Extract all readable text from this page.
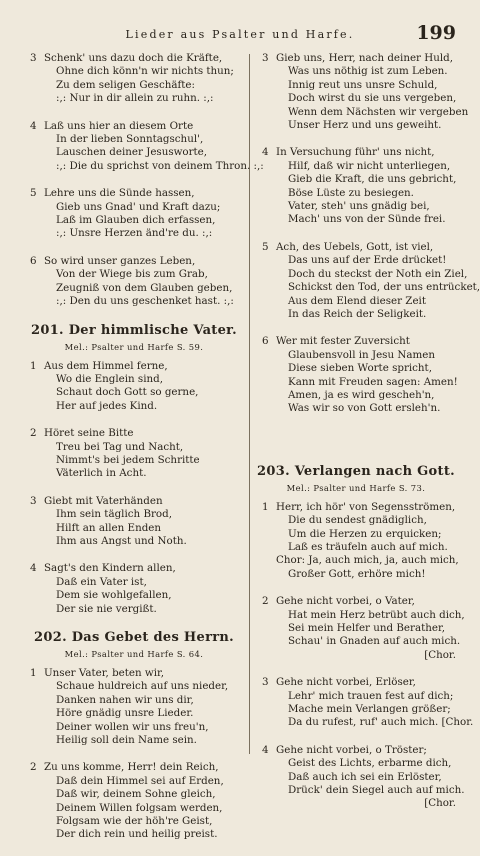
Lieder aus Psalter und Harfe.	199
3 Schenk' uns dazu doch die Kräfte,
Ohne dich könn'n wir nichts thun;
Zu dem seligen Geschäfte:
:,: Nur in dir allein zu ruhn. :,:
4 Laß uns hier an diesem Orte
In der lieben Sonntagschul',
Lauschen deiner Jesusworte,
:,: Die du sprichst von deinem Thron. :,:
5 Lehre uns die Sünde hassen,
Gieb uns Gnad' und Kraft dazu;
Laß im Glauben dich erfassen,
:,: Unsre Herzen änd're du. :,:
6 So wird unser ganzes Leben,
Von der Wiege bis zum Grab,
Zeugniß von dem Glauben geben,
:,: Den du uns geschenket hast. :,:
201. Der himmlische Vater.
Mel.: Psalter und Harfe S. 59.
1 Aus dem Himmel ferne,
Wo die Englein sind,
Schaut doch Gott so gerne,
Her auf jedes Kind.
2 Höret seine Bitte
Treu bei Tag und Nacht,
Nimmt's bei jedem Schritte
Väterlich in Acht.
3 Giebt mit Vaterhänden
Ihm sein täglich Brod,
Hilft an allen Enden
Ihm aus Angst und Noth.
4 Sagt's den Kindern allen,
Daß ein Vater ist,
Dem sie wohlgefallen,
Der sie nie vergißt.
202. Das Gebet des Herrn.
Mel.: Psalter und Harfe S. 64.
1 Unser Vater, beten wir,
Schaue huldreich auf uns nieder,
Danken nahen wir uns dir,
Höre gnädig unsre Lieder.
Deiner wollen wir uns freu'n,
Heilig soll dein Name sein.
2 Zu uns komme, Herr! dein Reich,
Daß dein Himmel sei auf Erden,
Daß wir, deinem Sohne gleich,
Deinem Willen folgsam werden,
Folgsam wie der höh're Geist,
Der dich rein und heilig preist.
3 Gieb uns, Herr, nach deiner Huld,
Was uns nöthig ist zum Leben.
Innig reut uns unsre Schuld,
Doch wirst du sie uns vergeben,
Wenn dem Nächsten wir vergeben
Unser Herz und uns geweiht.
4 In Versuchung führ' uns nicht,
Hilf, daß wir nicht unterliegen,
Gieb die Kraft, die uns gebricht,
Böse Lüste zu besiegen.
Vater, steh' uns gnädig bei,
Mach' uns von der Sünde frei.
5 Ach, des Uebels, Gott, ist viel,
Das uns auf der Erde drücket!
Doch du steckst der Noth ein Ziel,
Schickst den Tod, der uns entrücket,
Aus dem Elend dieser Zeit
In das Reich der Seligkeit.
6 Wer mit fester Zuversicht
Glaubensvoll in Jesu Namen
Diese sieben Worte spricht,
Kann mit Freuden sagen: Amen!
Amen, ja es wird gescheh'n,
Was wir so von Gott ersleh'n.
203. Verlangen nach Gott.
Mel.: Psalter und Harfe S. 73.
1 Herr, ich hör' von Segensströmen,
Die du sendest gnädiglich,
Um die Herzen zu erquicken;
Laß es träufeln auch auf mich.
Chor: Ja, auch mich, ja, auch mich,
Großer Gott, erhöre mich!
2 Gehe nicht vorbei, o Vater,
Hat mein Herz betrübt auch dich,
Sei mein Helfer und Berather,
Schau' in Gnaden auf auch mich.
[Chor.
3 Gehe nicht vorbei, Erlöser,
Lehr' mich trauen fest auf dich;
Mache mein Verlangen größer;
Da du rufest, ruf' auch mich. [Chor.
4 Gehe nicht vorbei, o Tröster;
Geist des Lichts, erbarme dich,
Daß auch ich sei ein Erlöster,
Drück' dein Siegel auch auf mich.
[Chor.
